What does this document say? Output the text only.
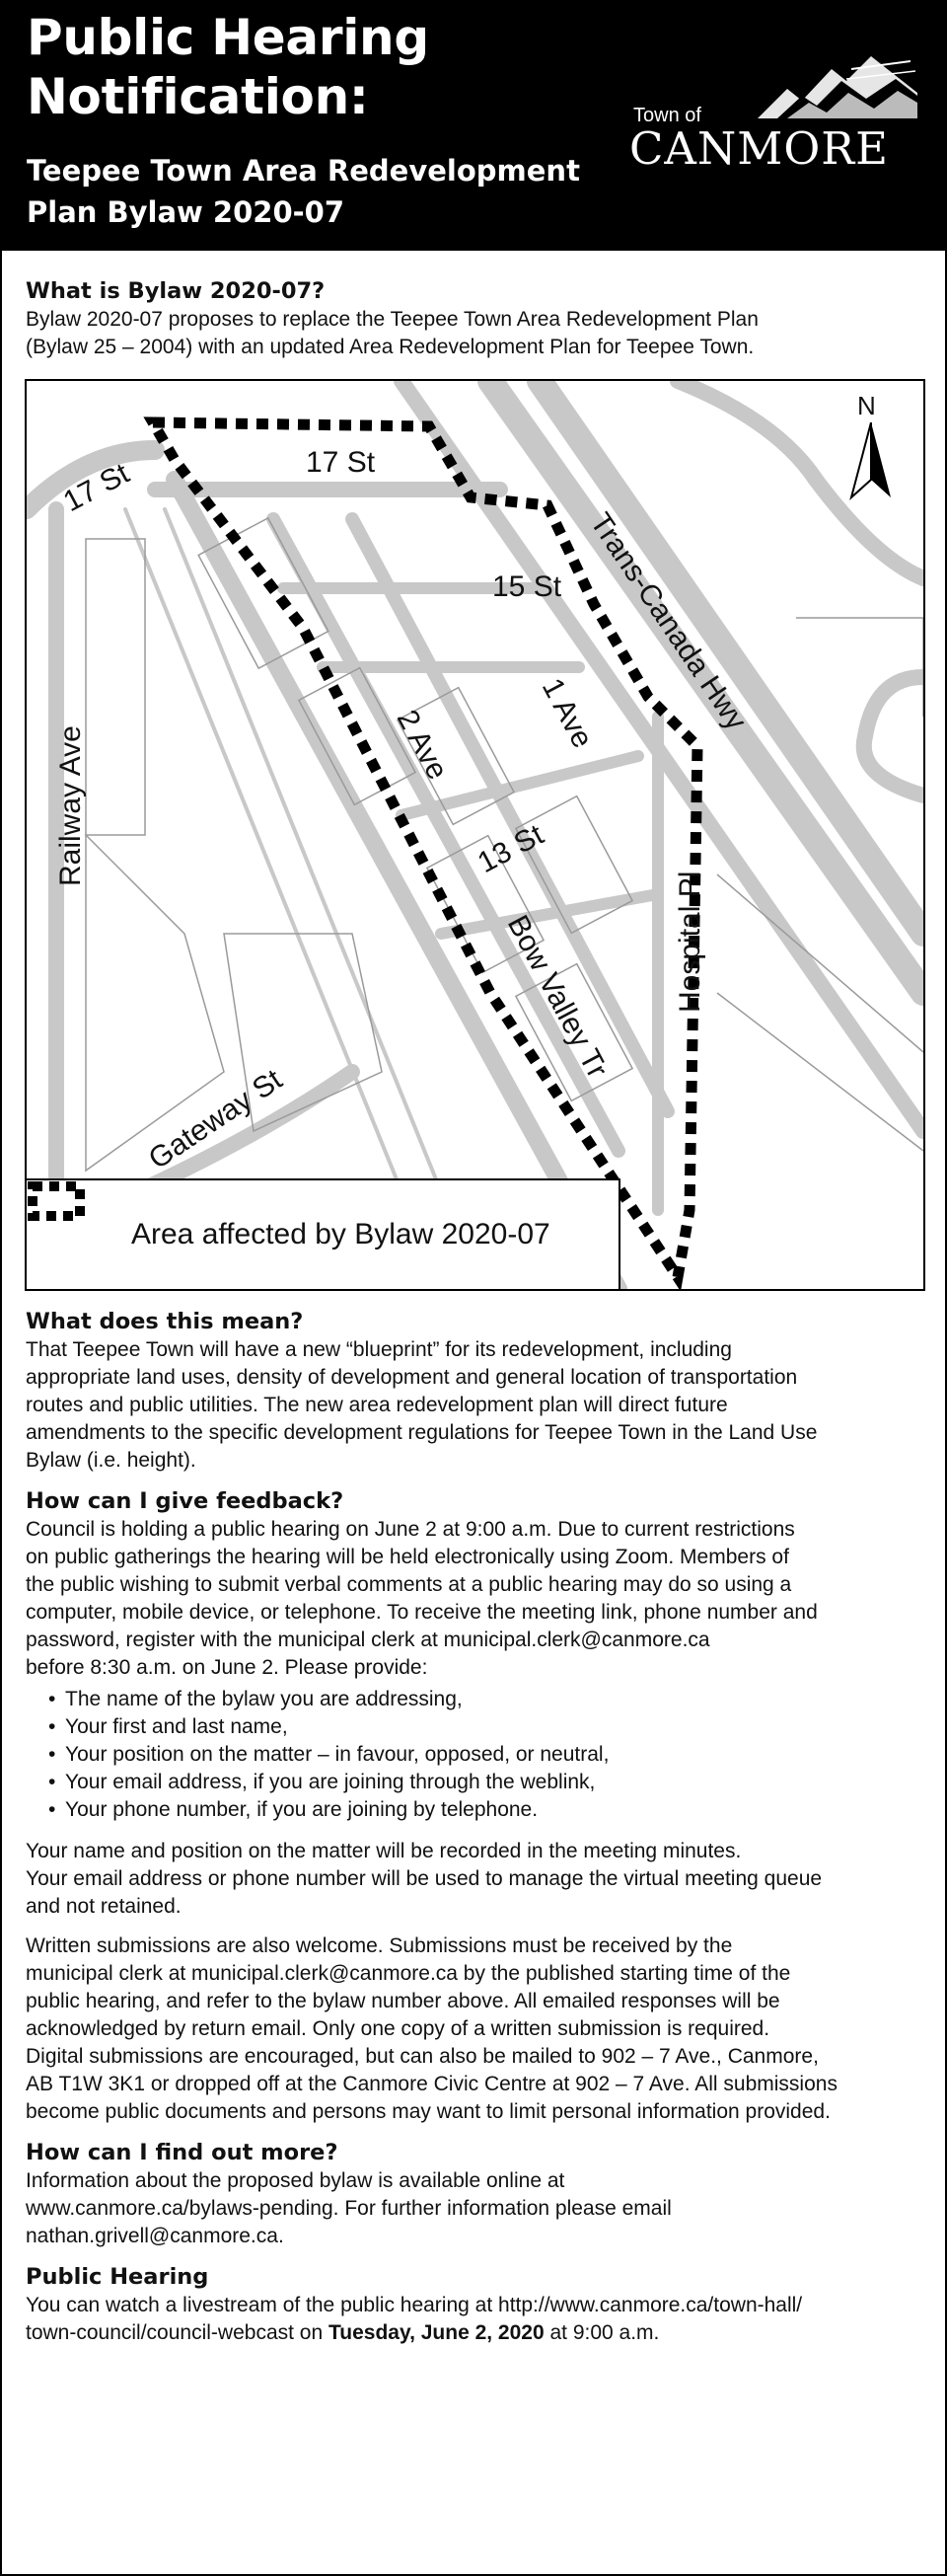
Public Hearing
Notification:
Teepee Town Area Redevelopment
Plan Bylaw 2020-07
Town of
CANMORE
What is Bylaw 2020-07?

Bylaw 2020-07 proposes to replace the Teepee Town Area Redevelopment Plan

(Bylaw 25 – 2004) with an updated Area Redevelopment Plan for Teepee Town.

17 St	17 St
15 St Trans-Canada Hwy
1 Ave
2 Ave
13 St
Railway Ave
Hospital Pl
Bow Valley Tr
Gateway St
N
Area affected by Bylaw 2020-07
What does this mean?

That Teepee Town will have a new “blueprint” for its redevelopment, including

appropriate land uses, density of development and general location of transportation

routes and public utilities. The new area redevelopment plan will direct future

amendments to the specific development regulations for Teepee Town in the Land Use

Bylaw (i.e. height).

How can I give feedback?

Council is holding a public hearing on June 2 at 9:00 a.m. Due to current restrictions

on public gatherings the hearing will be held electronically using Zoom. Members of

the public wishing to submit verbal comments at a public hearing may do so using a

computer, mobile device, or telephone. To receive the meeting link, phone number and

password, register with the municipal clerk at municipal.clerk@canmore.ca

before 8:30 a.m. on June 2. Please provide:

• The name of the bylaw you are addressing,
• Your first and last name,
• Your position on the matter – in favour, opposed, or neutral,
• Your email address, if you are joining through the weblink,
• Your phone number, if you are joining by telephone.

Your name and position on the matter will be recorded in the meeting minutes.

Your email address or phone number will be used to manage the virtual meeting queue

and not retained.

Written submissions are also welcome. Submissions must be received by the

municipal clerk at municipal.clerk@canmore.ca by the published starting time of the

public hearing, and refer to the bylaw number above. All emailed responses will be

acknowledged by return email. Only one copy of a written submission is required.

Digital submissions are encouraged, but can also be mailed to 902 – 7 Ave., Canmore,

AB T1W 3K1 or dropped off at the Canmore Civic Centre at 902 – 7 Ave. All submissions

become public documents and persons may want to limit personal information provided.

How can I find out more?

Information about the proposed bylaw is available online at

www.canmore.ca/bylaws-pending. For further information please email

nathan.grivell@canmore.ca.

Public Hearing

You can watch a livestream of the public hearing at http://www.canmore.ca/town-hall/

town-council/council-webcast on Tuesday, June 2, 2020 at 9:00 a.m.
